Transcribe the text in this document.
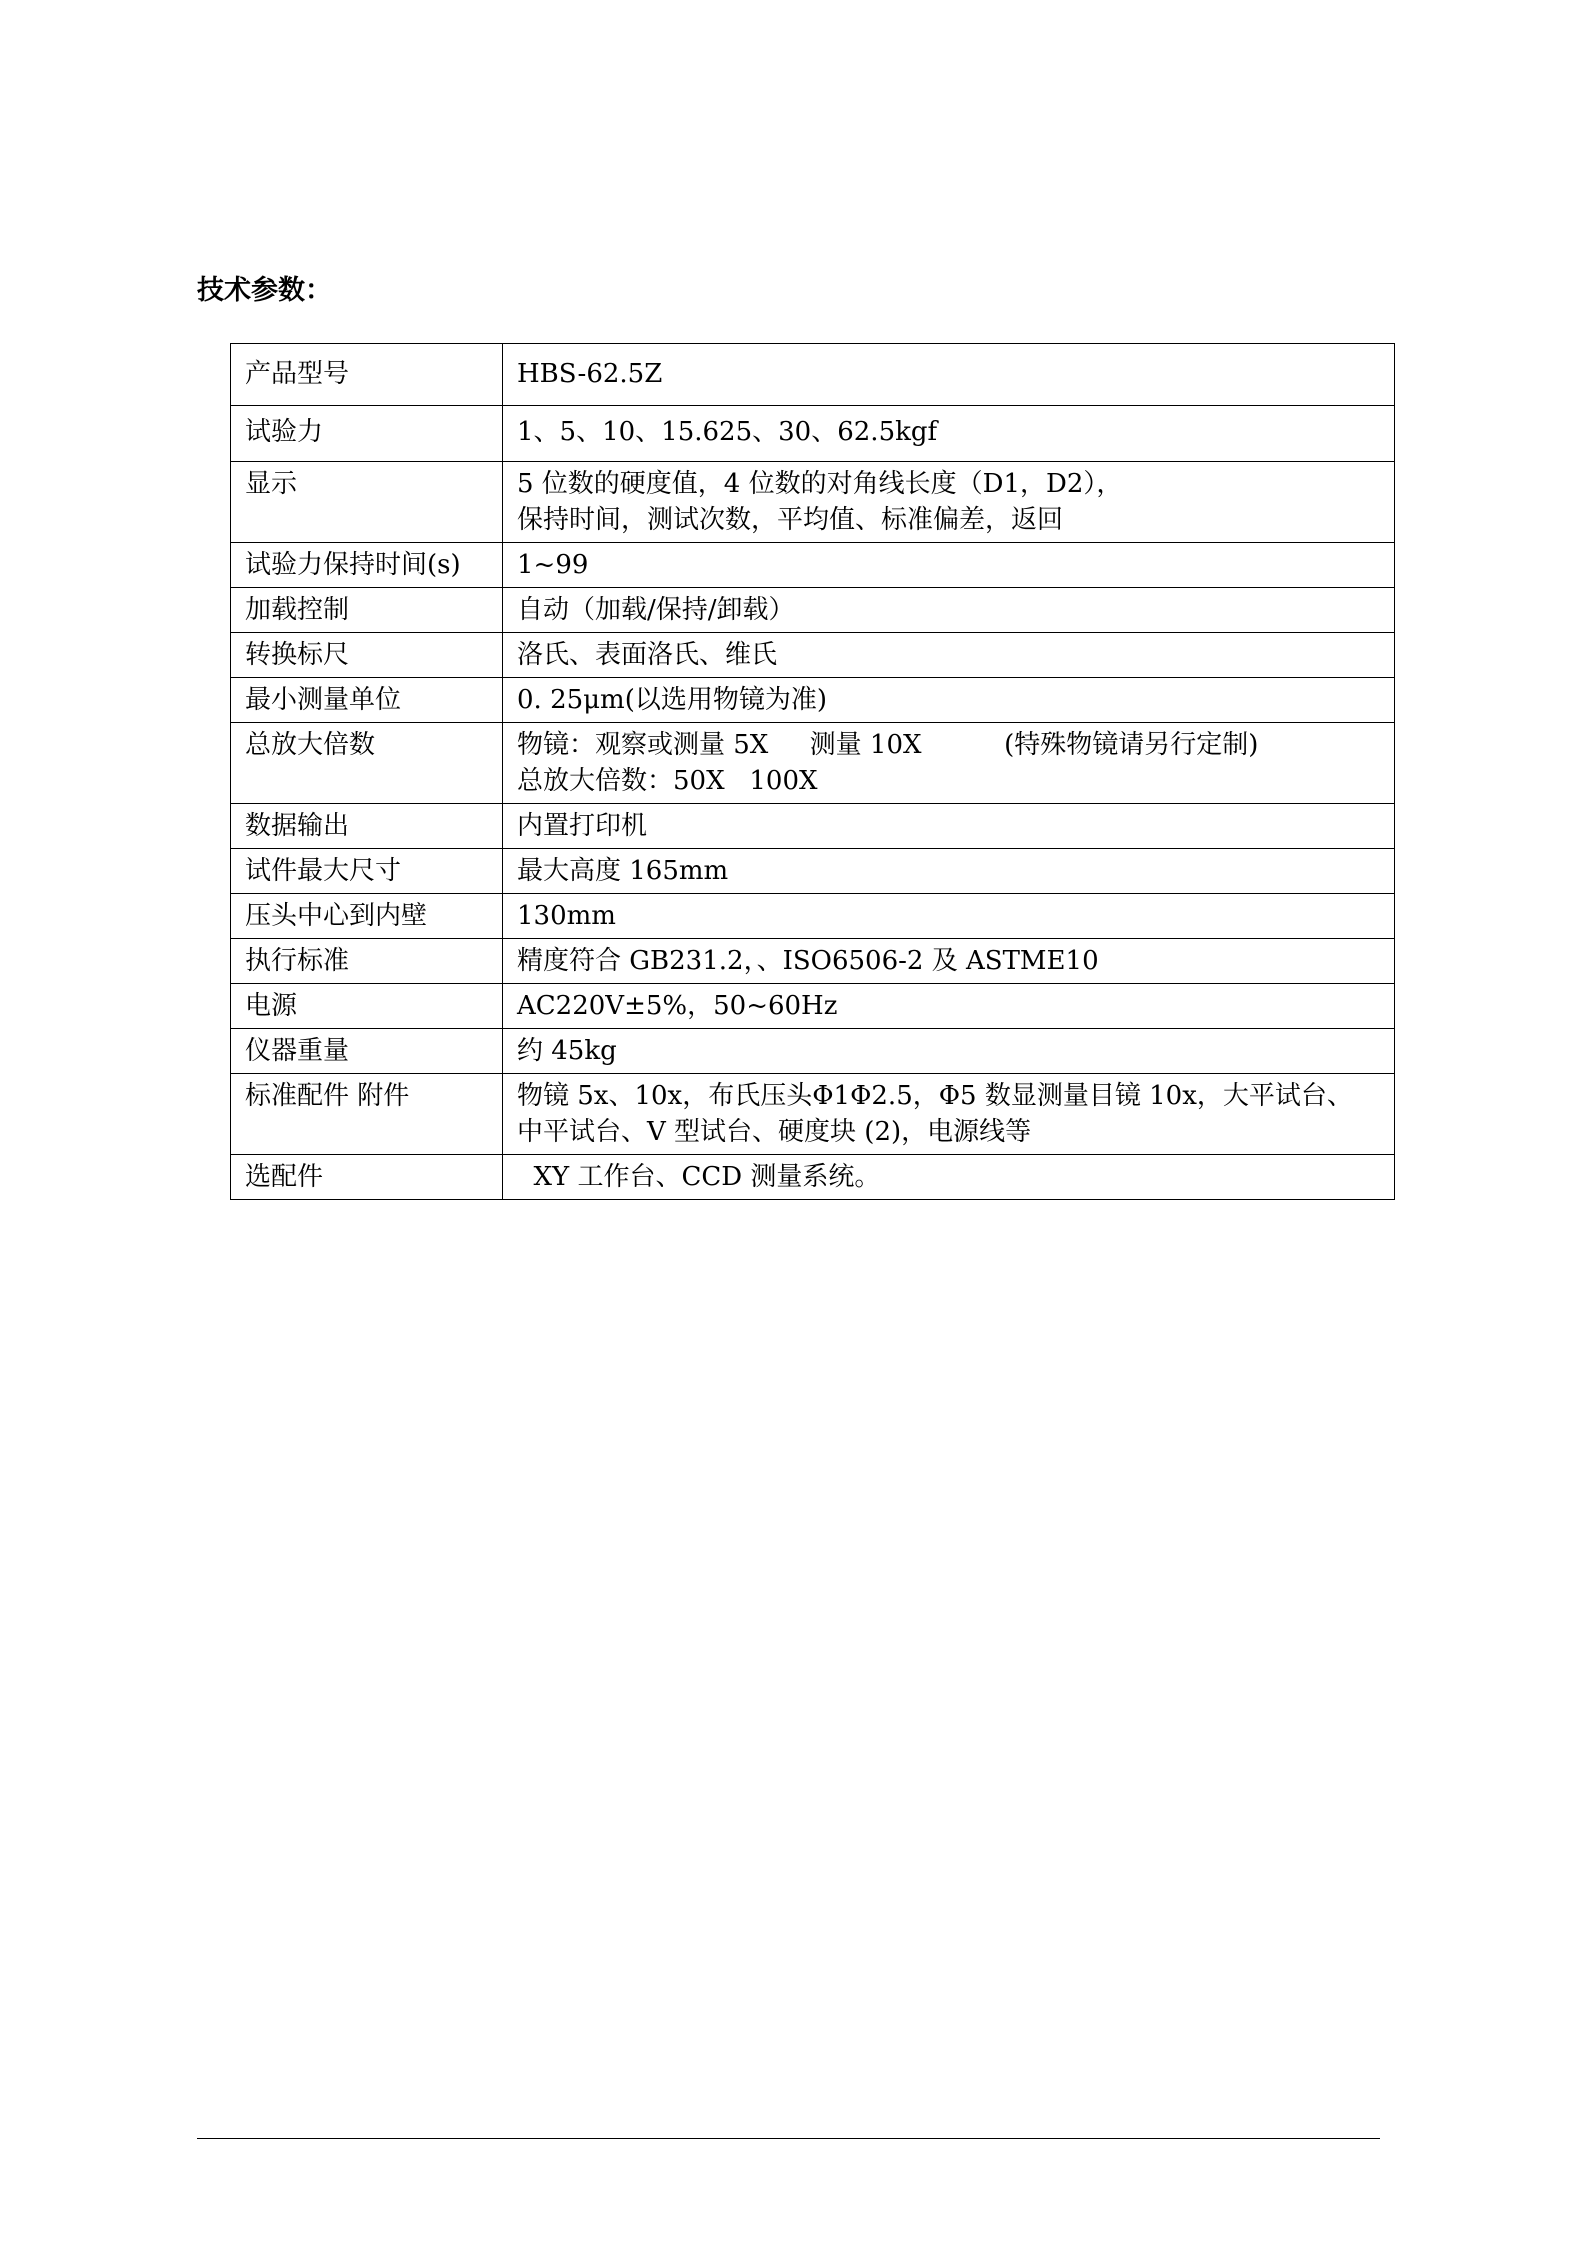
技术参数：
产品型号	HBS-62.5Z
试验力	1、5、10、15.625、30、62.5kgf
显示	5 位数的硬度值，4 位数的对角线长度（D1，D2），
保持时间，测试次数，平均值、标准偏差，返回
试验力保持时间(s)	1~99
加载控制	自动（加载/保持/卸载）
转换标尺	洛氏、表面洛氏、维氏
最小测量单位	0. 25μm(以选用物镜为准)
总放大倍数	物镜：观察或测量 5X     测量 10X          (特殊物镜请另行定制)
总放大倍数：50X   100X
数据输出	内置打印机
试件最大尺寸	最大高度 165mm
压头中心到内壁	130mm
执行标准	精度符合 GB231.2，、ISO6506-2 及 ASTME10
电源	AC220V±5%，50~60Hz
仪器重量	约 45kg
标准配件 附件	物镜 5x、10x，布氏压头Φ1Φ2.5，Φ5 数显测量目镜 10x，大平试台、
中平试台、V 型试台、硬度块 (2)，电源线等
选配件	XY 工作台、CCD 测量系统。
